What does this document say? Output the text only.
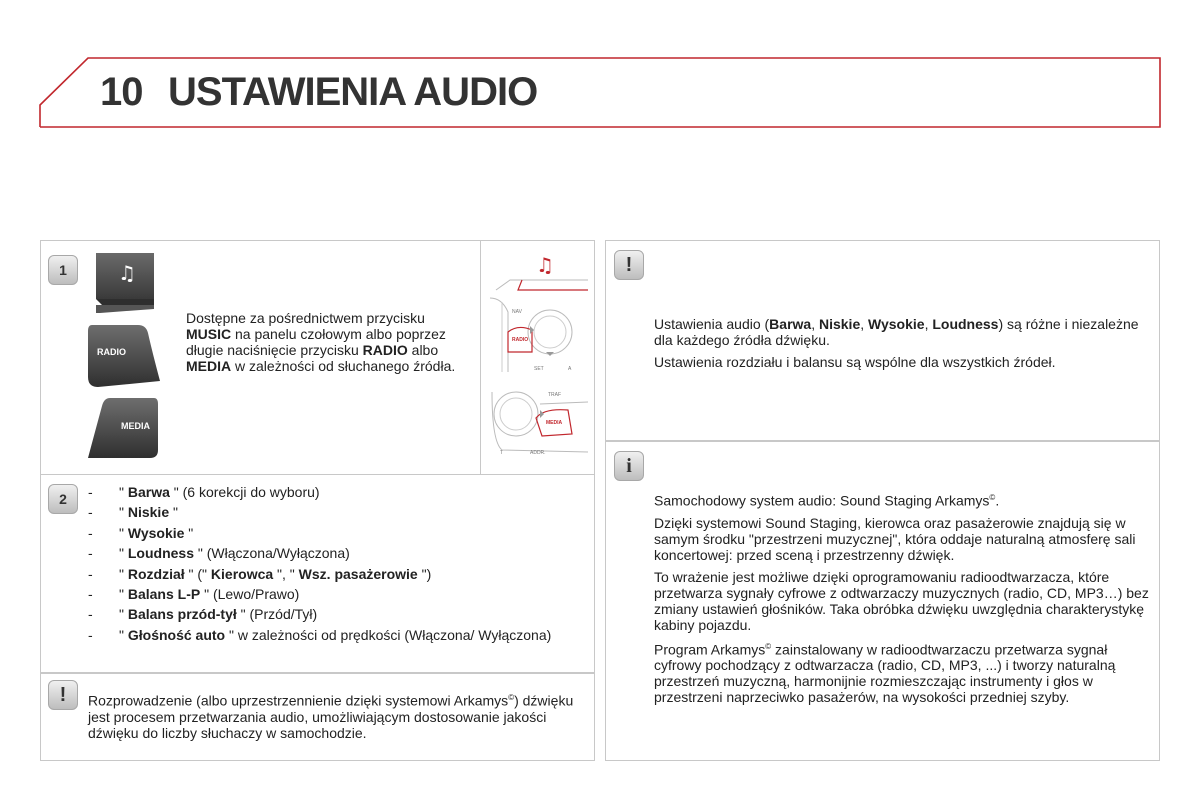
10 USTAWIENIA AUDIO
1	♫
RADIO
MEDIA
Dostępne za pośrednictwem przycisku MUSIC na panelu czołowym albo poprzez długie naciśnięcie przycisku RADIO albo MEDIA w zależności od słuchanego źródła.
♫
NAV
RADIO
SET	A
TRAF
MEDIA
T	ADDR.
2
-	" Barwa " (6 korekcji do wyboru)
- " Niskie "
- " Wysokie "
- " Loudness " (Włączona/Wyłączona)
- " Rozdział " (" Kierowca ", " Wsz. pasażerowie ")
- " Balans L-P " (Lewo/Prawo)
- " Balans przód-tył " (Przód/Tył)
- " Głośność auto " w zależności od prędkości (Włączona/ Wyłączona)
!	Rozprowadzenie (albo uprzestrzennienie dzięki systemowi Arkamys©) dźwięku jest procesem przetwarzania audio, umożliwiającym dostosowanie jakości dźwięku do liczby słuchaczy w samochodzie.
!

Ustawienia audio (Barwa, Niskie, Wysokie, Loudness) są różne i niezależne dla każdego źródła dźwięku.

Ustawienia rozdziału i balansu są wspólne dla wszystkich źródeł.

i

Samochodowy system audio: Sound Staging Arkamys©.

Dzięki systemowi Sound Staging, kierowca oraz pasażerowie znajdują się w samym środku "przestrzeni muzycznej", która oddaje naturalną atmosferę sali koncertowej: przed sceną i przestrzenny dźwięk.

To wrażenie jest możliwe dzięki oprogramowaniu radioodtwarzacza, które przetwarza sygnały cyfrowe z odtwarzaczy muzycznych (radio, CD, MP3…) bez zmiany ustawień głośników. Taka obróbka dźwięku uwzględnia charakterystykę kabiny pojazdu.

Program Arkamys© zainstalowany w radioodtwarzaczu przetwarza sygnał cyfrowy pochodzący z odtwarzacza (radio, CD, MP3, ...) i tworzy naturalną przestrzeń muzyczną, harmonijnie rozmieszczając instrumenty i głos w przestrzeni naprzeciwko pasażerów, na wysokości przedniej szyby.
